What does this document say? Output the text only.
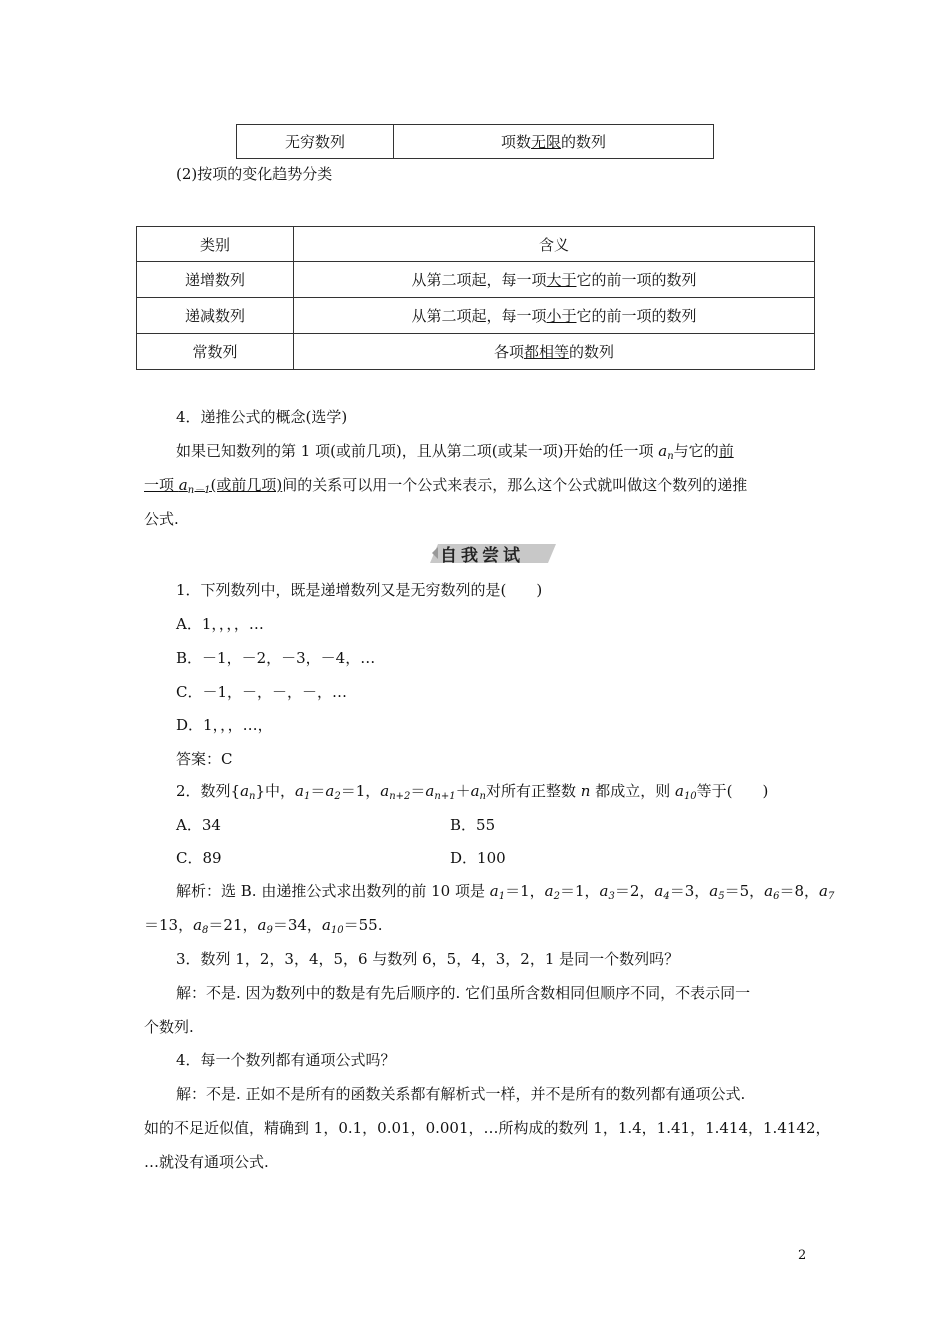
无穷数列	项数无限的数列
(2)按项的变化趋势分类
类别	含义
递增数列	从第二项起，每一项大于它的前一项的数列
递减数列	从第二项起，每一项小于它的前一项的数列
常数列	各项都相等的数列
4．递推公式的概念(选学)
如果已知数列的第 1 项(或前几项)，且从第二项(或某一项)开始的任一项 $a_n$与它的前
一项 $a_{n-1}$(或前几项)间的关系可以用一个公式来表示，那么这个公式就叫做这个数列的递推
公式.
自我尝试
1．下列数列中，既是递增数列又是无穷数列的是(　　)
A．1，，，，…
B．－1，－2，－3，－4，…
C．－1，－，－，－，…
D．1，，，…，
答案：C
2．数列$\{a_n\}$中，$a_1=a_2=1$，$a_{n+2}=a_{n+1}+a_n$对所有正整数 n 都成立，则 $a_{10}$等于(　　)
A．34	B．55
C．89	D．100
解析：选 B. 由递推公式求出数列的前 10 项是 $a_1=1$，$a_2=1$，$a_3=2$，$a_4=3$，$a_5=5$，$a_6=8$，$a_7$
＝13，$a_8=21$，$a_9=34$，$a_{10}=55$.
3．数列 1，2，3，4，5，6 与数列 6，5，4，3，2，1 是同一个数列吗？
解：不是. 因为数列中的数是有先后顺序的. 它们虽所含数相同但顺序不同，不表示同一
个数列.
4．每一个数列都有通项公式吗？
解：不是. 正如不是所有的函数关系都有解析式一样，并不是所有的数列都有通项公式.
如的不足近似值，精确到 1，0.1，0.01，0.001，…所构成的数列 1，1.4，1.41，1.414，1.4142，
…就没有通项公式.
2
